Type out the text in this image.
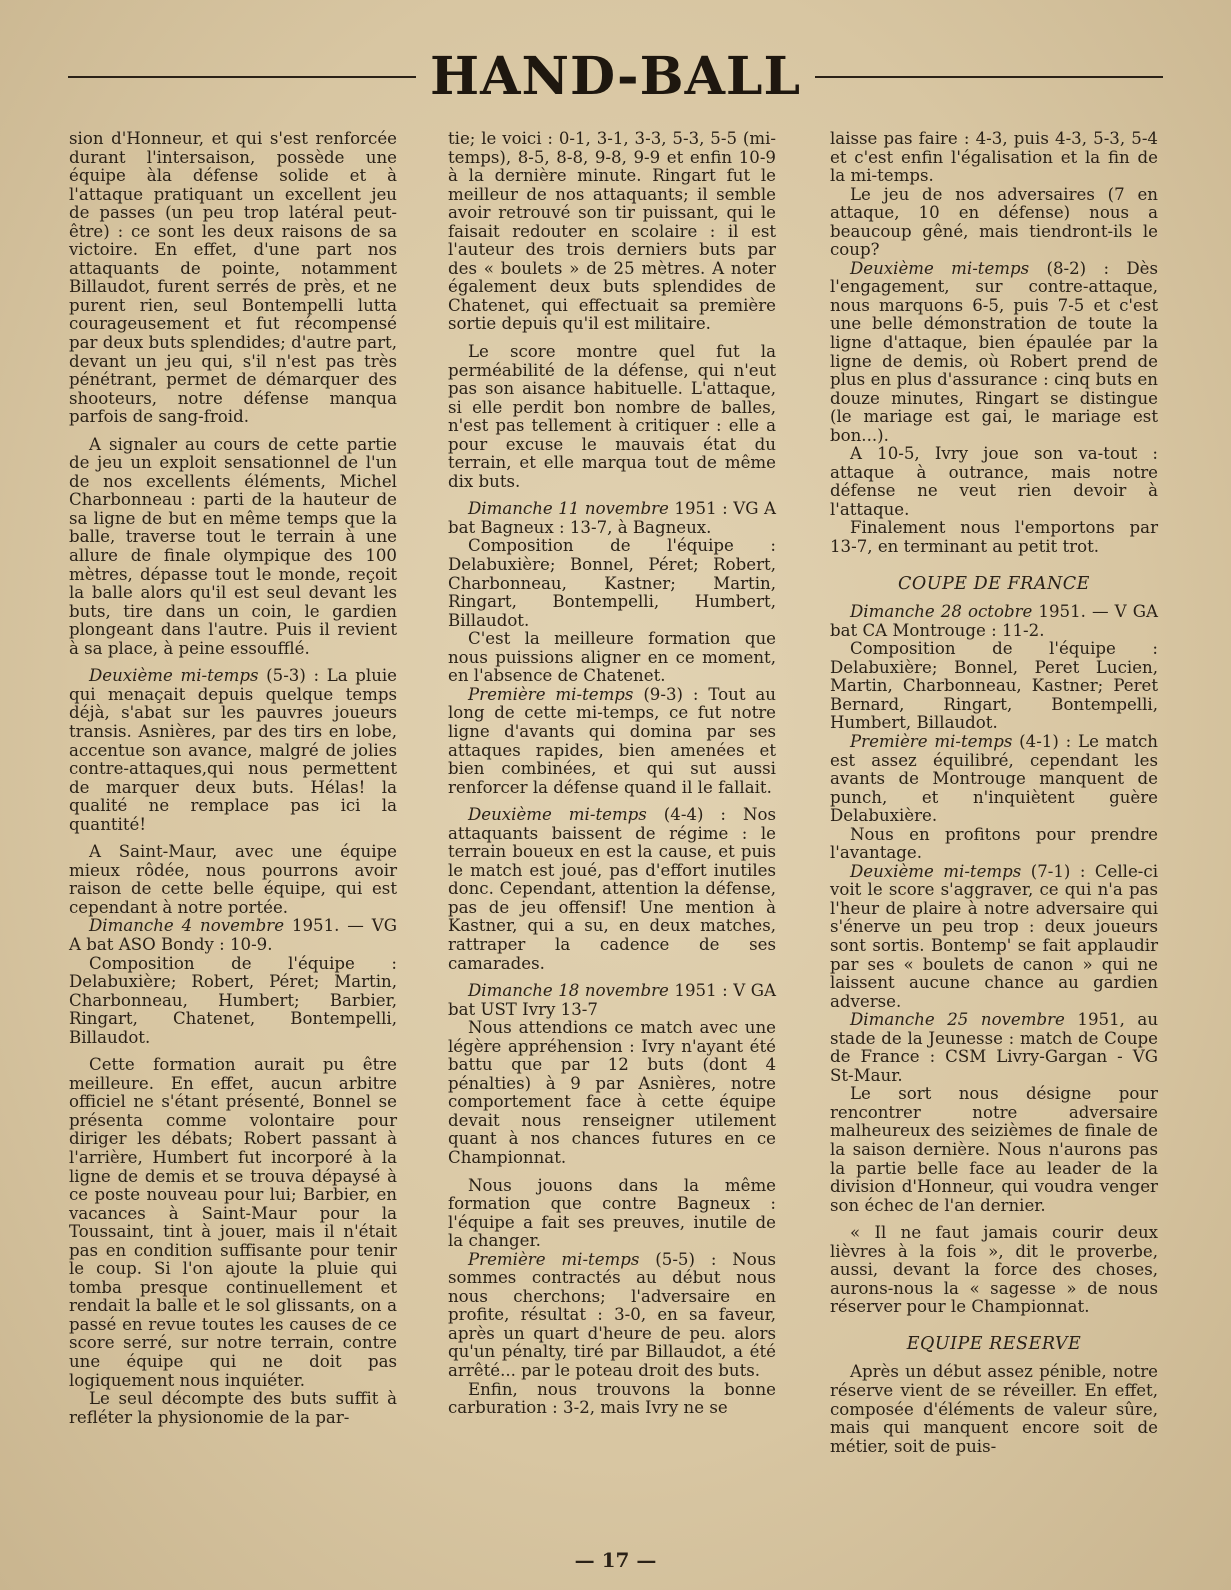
HAND-BALL

sion d'Honneur, et qui s'est renforcée durant l'intersaison, possède une équipe àla défense solide et à l'attaque pratiquant un excellent jeu de passes (un peu trop latéral peut-être) : ce sont les deux raisons de sa victoire. En effet, d'une part nos attaquants de pointe, notamment Billaudot, furent serrés de près, et ne purent rien, seul Bontempelli lutta courageusement et fut récompensé par deux buts splendides; d'autre part, devant un jeu qui, s'il n'est pas très pénétrant, permet de démarquer des shooteurs, notre défense manqua parfois de sang-froid.

A signaler au cours de cette partie de jeu un exploit sensationnel de l'un de nos excellents éléments, Michel Charbonneau : parti de la hauteur de sa ligne de but en même temps que la balle, traverse tout le terrain à une allure de finale olympique des 100 mètres, dépasse tout le monde, reçoit la balle alors qu'il est seul devant les buts, tire dans un coin, le gardien plongeant dans l'autre. Puis il revient à sa place, à peine essoufflé.

Deuxième mi-temps (5-3) : La pluie qui menaçait depuis quelque temps déjà, s'abat sur les pauvres joueurs transis. Asnières, par des tirs en lobe, accentue son avance, malgré de jolies contre-attaques,qui nous permettent de marquer deux buts. Hélas! la qualité ne remplace pas ici la quantité!

A Saint-Maur, avec une équipe mieux rôdée, nous pourrons avoir raison de cette belle équipe, qui est cependant à notre portée.

Dimanche 4 novembre 1951. — VG A bat ASO Bondy : 10-9.

Composition de l'équipe : Delabuxière; Robert, Péret; Martin, Charbonneau, Humbert; Barbier, Ringart, Chatenet, Bontempelli, Billaudot.

Cette formation aurait pu être meilleure. En effet, aucun arbitre officiel ne s'étant présenté, Bonnel se présenta comme volontaire pour diriger les débats; Robert passant à l'arrière, Humbert fut incorporé à la ligne de demis et se trouva dépaysé à ce poste nouveau pour lui; Barbier, en vacances à Saint-Maur pour la Toussaint, tint à jouer, mais il n'était pas en condition suffisante pour tenir le coup. Si l'on ajoute la pluie qui tomba presque continuellement et rendait la balle et le sol glissants, on a passé en revue toutes les causes de ce score serré, sur notre terrain, contre une équipe qui ne doit pas logiquement nous inquiéter.

Le seul décompte des buts suffit à refléter la physionomie de la par-

tie; le voici : 0-1, 3-1, 3-3, 5-3, 5-5 (mi-temps), 8-5, 8-8, 9-8, 9-9 et enfin 10-9 à la dernière minute. Ringart fut le meilleur de nos attaquants; il semble avoir retrouvé son tir puissant, qui le faisait redouter en scolaire : il est l'auteur des trois derniers buts par des « boulets » de 25 mètres. A noter également deux buts splendides de Chatenet, qui effectuait sa première sortie depuis qu'il est militaire.

Le score montre quel fut la perméabilité de la défense, qui n'eut pas son aisance habituelle. L'attaque, si elle perdit bon nombre de balles, n'est pas tellement à critiquer : elle a pour excuse le mauvais état du terrain, et elle marqua tout de même dix buts.

Dimanche 11 novembre 1951 : VG A bat Bagneux : 13-7, à Bagneux.

Composition de l'équipe : Delabuxière; Bonnel, Péret; Robert, Charbonneau, Kastner; Martin, Ringart, Bontempelli, Humbert, Billaudot.

C'est la meilleure formation que nous puissions aligner en ce moment, en l'absence de Chatenet.

Première mi-temps (9-3) : Tout au long de cette mi-temps, ce fut notre ligne d'avants qui domina par ses attaques rapides, bien amenées et bien combinées, et qui sut aussi renforcer la défense quand il le fallait.

Deuxième mi-temps (4-4) : Nos attaquants baissent de régime : le terrain boueux en est la cause, et puis le match est joué, pas d'effort inutiles donc. Cependant, attention la défense, pas de jeu offensif! Une mention à Kastner, qui a su, en deux matches, rattraper la cadence de ses camarades.

Dimanche 18 novembre 1951 : V GA bat UST Ivry 13-7

Nous attendions ce match avec une légère appréhension : Ivry n'ayant été battu que par 12 buts (dont 4 pénalties) à 9 par Asnières, notre comportement face à cette équipe devait nous renseigner utilement quant à nos chances futures en ce Championnat.

Nous jouons dans la même formation que contre Bagneux : l'équipe a fait ses preuves, inutile de la changer.

Première mi-temps (5-5) : Nous sommes contractés au début nous nous cherchons; l'adversaire en profite, résultat : 3-0, en sa faveur, après un quart d'heure de peu. alors qu'un pénalty, tiré par Billaudot, a été arrêté... par le poteau droit des buts.

Enfin, nous trouvons la bonne carburation : 3-2, mais Ivry ne se

laisse pas faire : 4-3, puis 4-3, 5-3, 5-4 et c'est enfin l'égalisation et la fin de la mi-temps.

Le jeu de nos adversaires (7 en attaque, 10 en défense) nous a beaucoup gêné, mais tiendront-ils le coup?

Deuxième mi-temps (8-2) : Dès l'engagement, sur contre-attaque, nous marquons 6-5, puis 7-5 et c'est une belle démonstration de toute la ligne d'attaque, bien épaulée par la ligne de demis, où Robert prend de plus en plus d'assurance : cinq buts en douze minutes, Ringart se distingue (le mariage est gai, le mariage est bon...).

A 10-5, Ivry joue son va-tout : attaque à outrance, mais notre défense ne veut rien devoir à l'attaque.

Finalement nous l'emportons par 13-7, en terminant au petit trot.

COUPE DE FRANCE

Dimanche 28 octobre 1951. — V GA bat CA Montrouge : 11-2.

Composition de l'équipe : Delabuxière; Bonnel, Peret Lucien, Martin, Charbonneau, Kastner; Peret Bernard, Ringart, Bontempelli, Humbert, Billaudot.

Première mi-temps (4-1) : Le match est assez équilibré, cependant les avants de Montrouge manquent de punch, et n'inquiètent guère Delabuxière.

Nous en profitons pour prendre l'avantage.

Deuxième mi-temps (7-1) : Celle-ci voit le score s'aggraver, ce qui n'a pas l'heur de plaire à notre adversaire qui s'énerve un peu trop : deux joueurs sont sortis. Bontemp' se fait applaudir par ses « boulets de canon » qui ne laissent aucune chance au gardien adverse.

Dimanche 25 novembre 1951, au stade de la Jeunesse : match de Coupe de France : CSM Livry-Gargan - VG St-Maur.

Le sort nous désigne pour rencontrer notre adversaire malheureux des seizièmes de finale de la saison dernière. Nous n'aurons pas la partie belle face au leader de la division d'Honneur, qui voudra venger son échec de l'an dernier.

« Il ne faut jamais courir deux lièvres à la fois », dit le proverbe, aussi, devant la force des choses, aurons-nous la « sagesse » de nous réserver pour le Championnat.

EQUIPE RESERVE

Après un début assez pénible, notre réserve vient de se réveiller. En effet, composée d'éléments de valeur sûre, mais qui manquent encore soit de métier, soit de puis-

— 17 —
